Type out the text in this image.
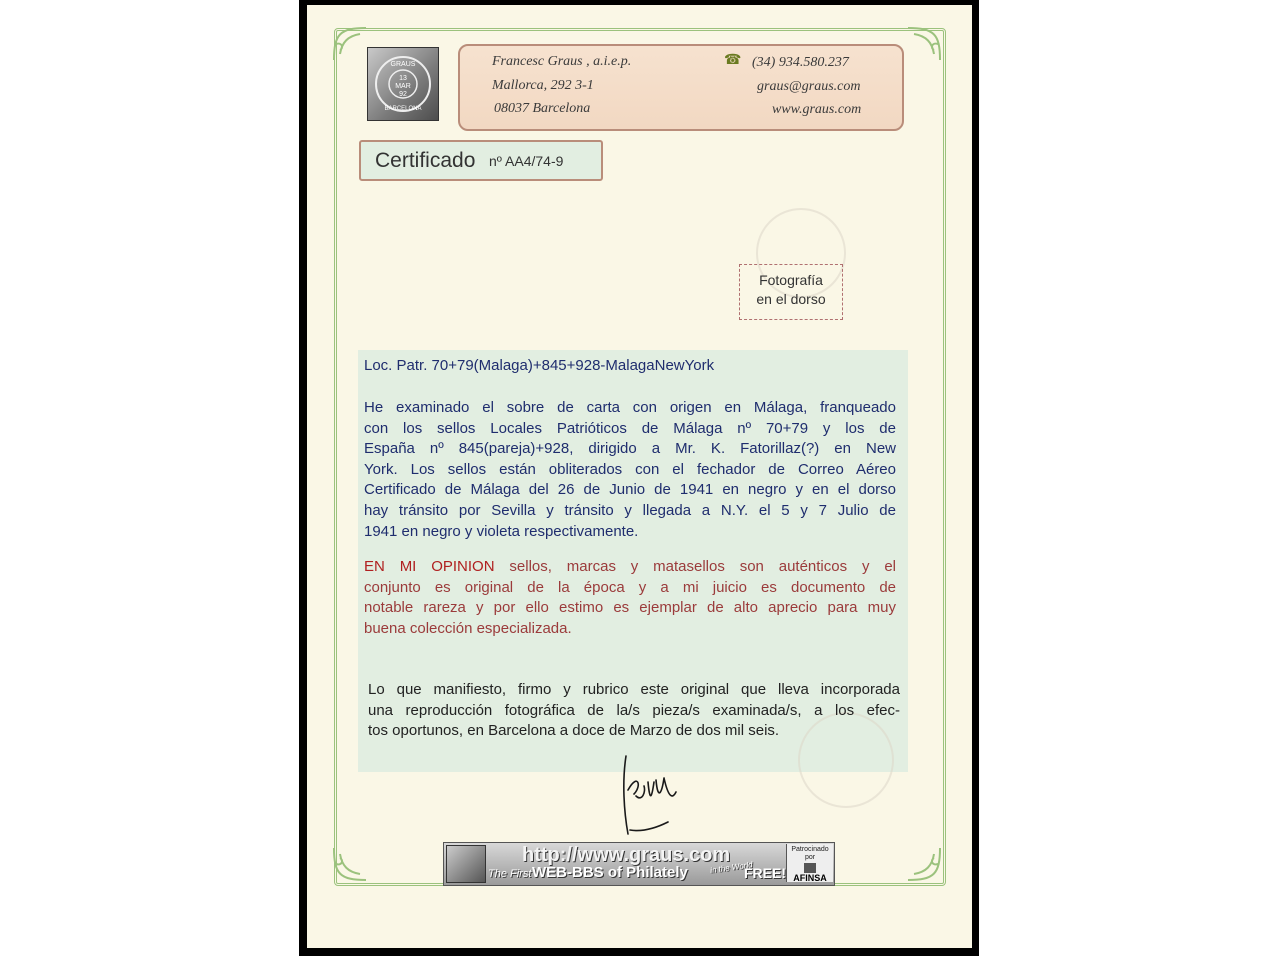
GRAUS
13
MAR
92
BARCELONA
Francesc Graus , a.i.e.p.
Mallorca, 292 3-1
08037 Barcelona
☎ (34) 934.580.237
graus@graus.com
www.graus.com
Certificado nº AA4/74-9
Fotografía
en el dorso
Loc. Patr. 70+79(Malaga)+845+928-MalagaNewYork
He examinado el sobre de carta con origen en Málaga, franqueado
con los sellos Locales Patrióticos de Málaga nº 70+79 y los de
España nº 845(pareja)+928, dirigido a Mr. K. Fatorillaz(?) en New
York. Los sellos están obliterados con el fechador de Correo Aéreo
Certificado de Málaga del 26 de Junio de 1941 en negro y en el dorso
hay tránsito por Sevilla y tránsito y llegada a N.Y. el 5 y 7 Julio de
1941 en negro y violeta respectivamente.
EN MI OPINION sellos, marcas y matasellos son auténticos y el
conjunto es original de la época y a mi juicio es documento de
notable rareza y por ello estimo es ejemplar de alto aprecio para muy
buena colección especializada.
Lo que manifiesto, firmo y rubrico este original que lleva incorporada
una reproducción fotográfica de la/s pieza/s examinada/s, a los efec-
tos oportunos, en Barcelona a doce de Marzo de dos mil seis.
http://www.graus.com
The First WEB-BBS of Philately	in the World
FREE!
Patrocinado
por
AFINSA
